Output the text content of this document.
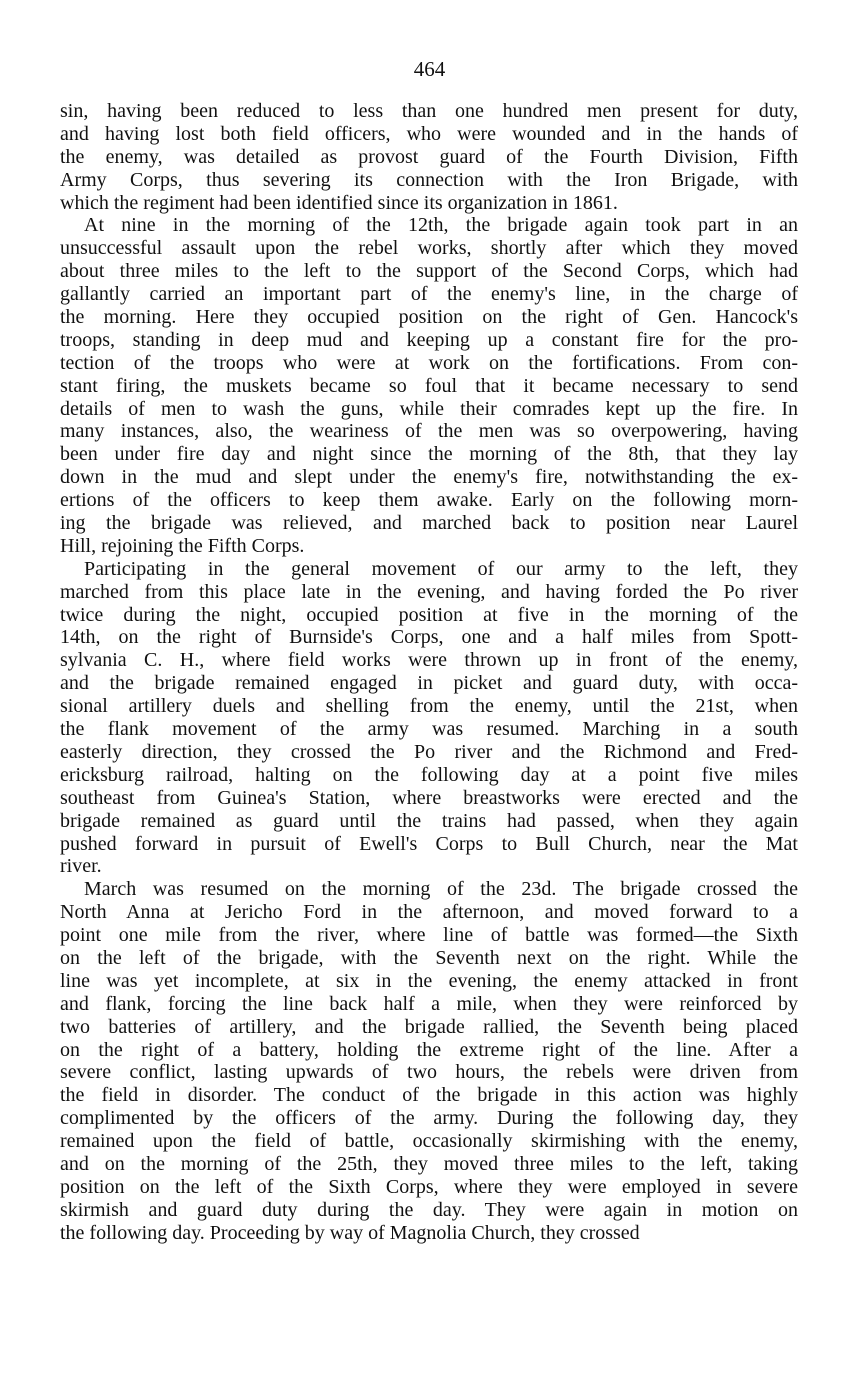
464
sin, having been reduced to less than one hundred men present for duty,
and having lost both field officers, who were wounded and in the hands of
the enemy, was detailed as provost guard of the Fourth Division, Fifth
Army Corps, thus severing its connection with the Iron Brigade, with
which the regiment had been identified since its organization in 1861.
At nine in the morning of the 12th, the brigade again took part in an
unsuccessful assault upon the rebel works, shortly after which they moved
about three miles to the left to the support of the Second Corps, which had
gallantly carried an important part of the enemy's line, in the charge of
the morning. Here they occupied position on the right of Gen. Hancock's
troops, standing in deep mud and keeping up a constant fire for the pro-
tection of the troops who were at work on the fortifications. From con-
stant firing, the muskets became so foul that it became necessary to send
details of men to wash the guns, while their comrades kept up the fire. In
many instances, also, the weariness of the men was so overpowering, having
been under fire day and night since the morning of the 8th, that they lay
down in the mud and slept under the enemy's fire, notwithstanding the ex-
ertions of the officers to keep them awake. Early on the following morn-
ing the brigade was relieved, and marched back to position near Laurel
Hill, rejoining the Fifth Corps.
Participating in the general movement of our army to the left, they
marched from this place late in the evening, and having forded the Po river
twice during the night, occupied position at five in the morning of the
14th, on the right of Burnside's Corps, one and a half miles from Spott-
sylvania C. H., where field works were thrown up in front of the enemy,
and the brigade remained engaged in picket and guard duty, with occa-
sional artillery duels and shelling from the enemy, until the 21st, when
the flank movement of the army was resumed. Marching in a south
easterly direction, they crossed the Po river and the Richmond and Fred-
ericksburg railroad, halting on the following day at a point five miles
southeast from Guinea's Station, where breastworks were erected and the
brigade remained as guard until the trains had passed, when they again
pushed forward in pursuit of Ewell's Corps to Bull Church, near the Mat
river.
March was resumed on the morning of the 23d. The brigade crossed the
North Anna at Jericho Ford in the afternoon, and moved forward to a
point one mile from the river, where line of battle was formed—the Sixth
on the left of the brigade, with the Seventh next on the right. While the
line was yet incomplete, at six in the evening, the enemy attacked in front
and flank, forcing the line back half a mile, when they were reinforced by
two batteries of artillery, and the brigade rallied, the Seventh being placed
on the right of a battery, holding the extreme right of the line. After a
severe conflict, lasting upwards of two hours, the rebels were driven from
the field in disorder. The conduct of the brigade in this action was highly
complimented by the officers of the army. During the following day, they
remained upon the field of battle, occasionally skirmishing with the enemy,
and on the morning of the 25th, they moved three miles to the left, taking
position on the left of the Sixth Corps, where they were employed in severe
skirmish and guard duty during the day. They were again in motion on
the following day. Proceeding by way of Magnolia Church, they crossed
